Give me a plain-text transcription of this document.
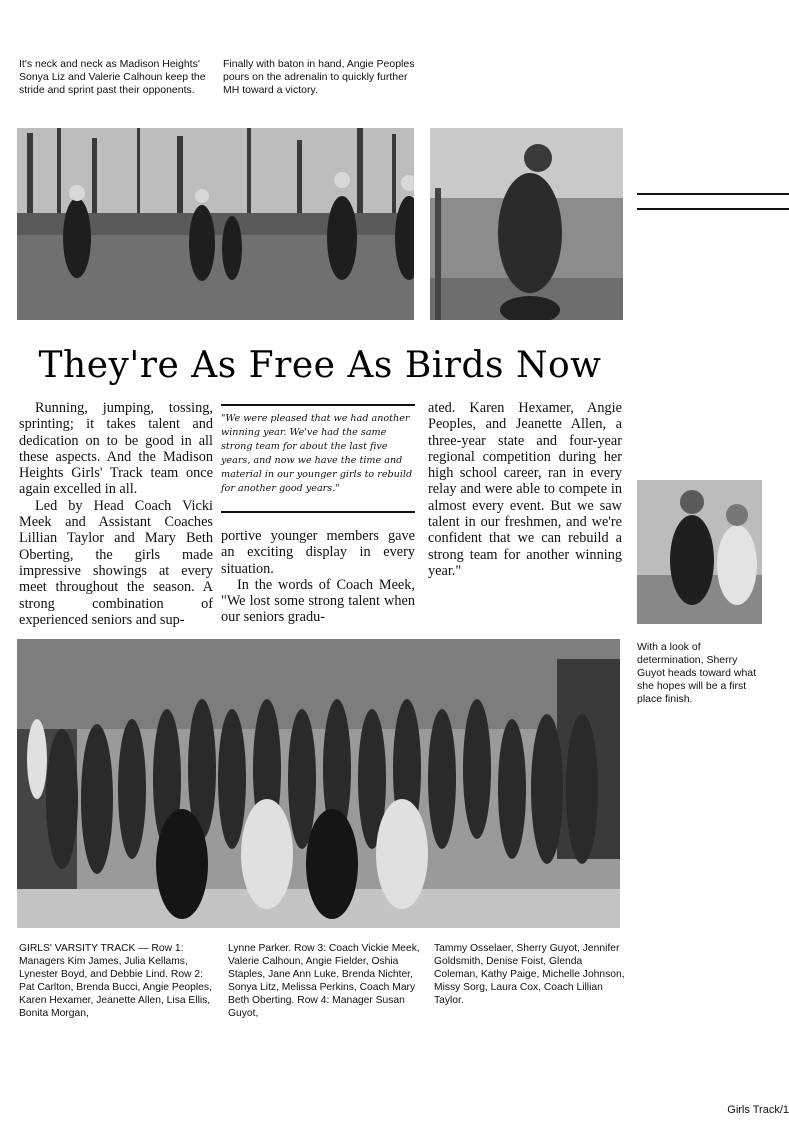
It's neck and neck as Madison Heights' Sonya Liz and Valerie Calhoun keep the stride and sprint past their opponents.
Finally with baton in hand, Angie Peoples pours on the adrenalin to quickly further MH toward a victory.
They're As Free As Birds Now

Running, jumping, tossing, sprinting; it takes talent and dedication on to be good in all these aspects. And the Madison Heights Girls' Track team once again excelled in all.

Led by Head Coach Vicki Meek and Assistant Coaches Lillian Taylor and Mary Beth Oberting, the girls made impressive showings at every meet throughout the season. A strong combination of experienced seniors and sup-

"We were pleased that we had another winning year. We've had the same strong team for about the last five years, and now we have the time and material in our younger girls to rebuild for another good years."

portive younger members gave an exciting display in every situation.

In the words of Coach Meek, "We lost some strong talent when our seniors gradu-

ated. Karen Hexamer, Angie Peoples, and Jeanette Allen, a three-year state and four-year regional competition during her high school career, ran in every relay and were able to compete in almost every event. But we saw talent in our freshmen, and we're confident that we can rebuild a strong team for another winning year."

With a look of determination, Sherry Guyot heads toward what she hopes will be a first place finish.
GIRLS' VARSITY TRACK — Row 1: Managers Kim James, Julia Kellams, Lynester Boyd, and Debbie Lind. Row 2: Pat Carlton, Brenda Bucci, Angie Peoples, Karen Hexamer, Jeanette Allen, Lisa Ellis, Bonita Morgan,
Lynne Parker. Row 3: Coach Vickie Meek, Valerie Calhoun, Angie Fielder, Oshia Staples, Jane Ann Luke, Brenda Nichter, Sonya Litz, Melissa Perkins, Coach Mary Beth Oberting. Row 4: Manager Susan Guyot,
Tammy Osselaer, Sherry Guyot, Jennifer Goldsmith, Denise Foist, Glenda Coleman, Kathy Paige, Michelle Johnson, Missy Sorg, Laura Cox, Coach Lillian Taylor.
Girls Track/1
